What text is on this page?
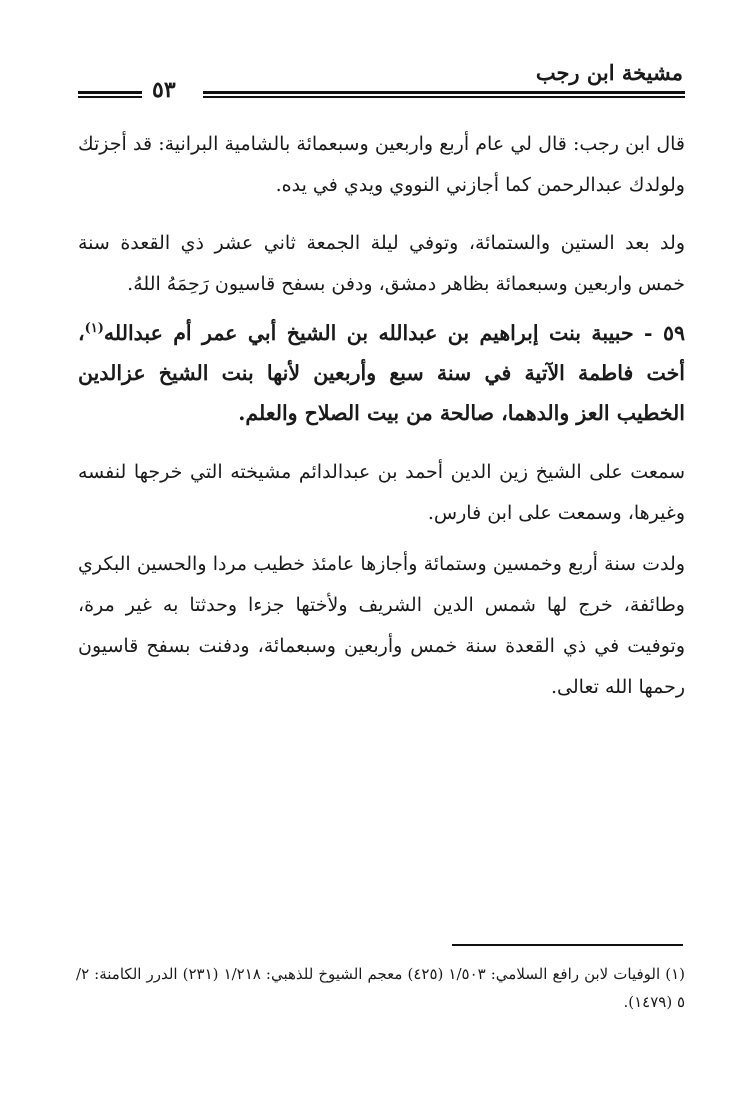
مشيخة ابن رجب
٥٣

قال ابن رجب: قال لي عام أربع واربعين وسبعمائة بالشامية البرانية: قد أجزتك ولولدك عبدالرحمن كما أجازني النووي ويدي في يده.

ولد بعد الستين والستمائة، وتوفي ليلة الجمعة ثاني عشر ذي القعدة سنة خمس واربعين وسبعمائة بظاهر دمشق، ودفن بسفح قاسيون رَحِمَهُ اللهُ.

٥٩ - حبيبة بنت إبراهيم بن عبدالله بن الشيخ أبي عمر أم عبدالله$^{(١)}$، أخت فاطمة الآتية في سنة سبع وأربعين لأنها بنت الشيخ عزالدين الخطيب العز والدهما، صالحة من بيت الصلاح والعلم.

سمعت على الشيخ زين الدين أحمد بن عبدالدائم مشيخته التي خرجها لنفسه وغيرها، وسمعت على ابن فارس.

ولدت سنة أربع وخمسين وستمائة وأجازها عامئذ خطيب مردا والحسين البكري وطائفة، خرج لها شمس الدين الشريف ولأختها جزءا وحدثتا به غير مرة، وتوفيت في ذي القعدة سنة خمس وأربعين وسبعمائة، ودفنت بسفح قاسيون رحمها الله تعالى.

(١) الوفيات لابن رافع السلامي: ١/٥٠٣ (٤٢٥) معجم الشيوخ للذهبي: ١/٢١٨ (٢٣١) الدرر الكامنة: ٢/ ٥ (١٤٧٩).
